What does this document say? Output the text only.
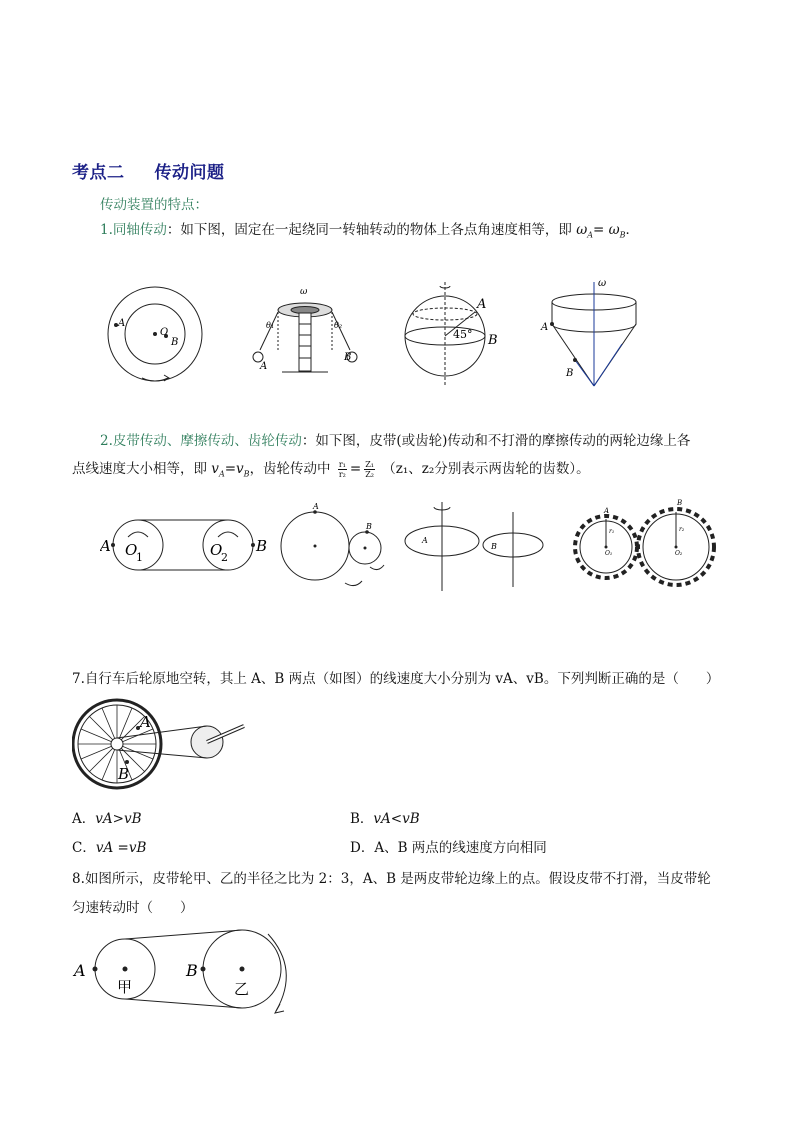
考点二 传动问题
传动装置的特点：
1.同轴传动：如下图，固定在一起绕同一转轴转动的物体上各点角速度相等，即 $\omega_A= \omega_B$．
A
O
B
ω
θ₁	θ₂
A
B
A
B
45°
ω
A
B
2.皮带传动、摩擦传动、齿轮传动：如下图，皮带(或齿轮)传动和不打滑的摩擦传动的两轮边缘上各
点线速度大小相等，即 $v_A=v_B$，齿轮传动中 $\frac{\text{r₁}}{\text{r₂}} = \frac{\text{Z₁}}{\text{Z₂}} (z_1$、z₂分别表示两齿轮的齿数）。
A O
1	O
2
B
A
B
A
B
A
B
r₁	r₂
O₁	O₂
7.自行车后轮原地空转，其上 A、B 两点（如图）的线速度大小分别为 vA、vB。下列判断正确的是（　　）
A
B
A．vA>vB	B．vA<vB
C．vA =vB	D．A、B 两点的线速度方向相同
8.如图所示，皮带轮甲、乙的半径之比为 2：3，A、B 是两皮带轮边缘上的点。假设皮带不打滑，当皮带轮
匀速转动时（　　）
A
甲
B
乙
